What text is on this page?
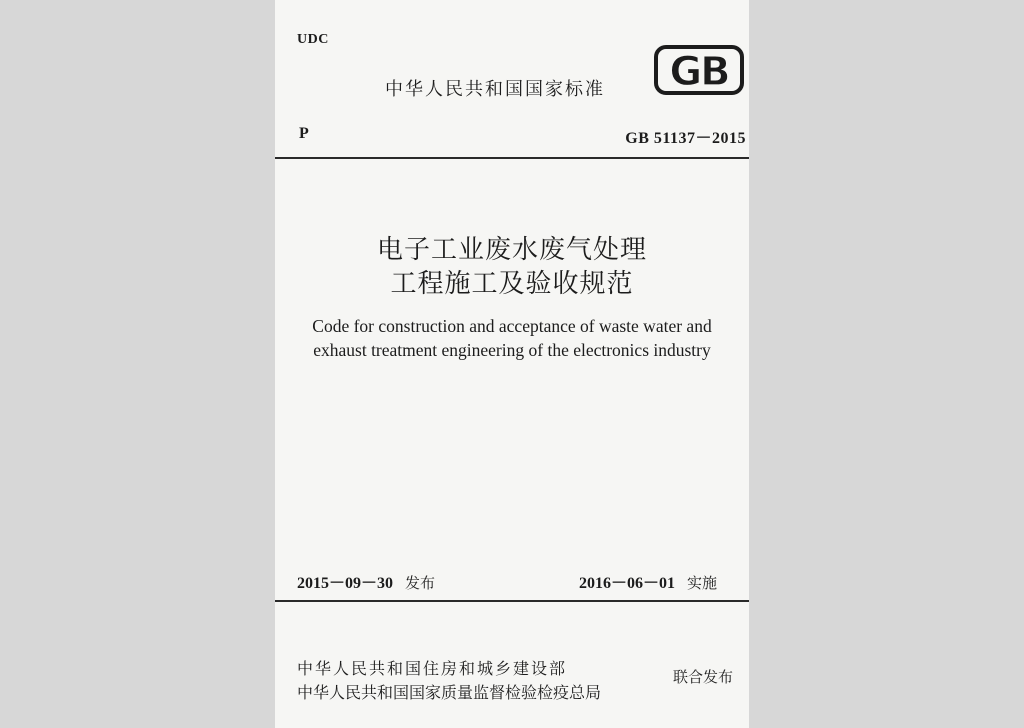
UDC
中华人民共和国国家标准 GB
P	GB 51137－2015
电子工业废水废气处理
工程施工及验收规范
Code for construction and acceptance of waste water and
exhaust treatment engineering of the electronics industry
2015－09－30 发布	2016－06－01 实施
中华人民共和国住房和城乡建设部
中华人民共和国国家质量监督检验检疫总局
联合发布
